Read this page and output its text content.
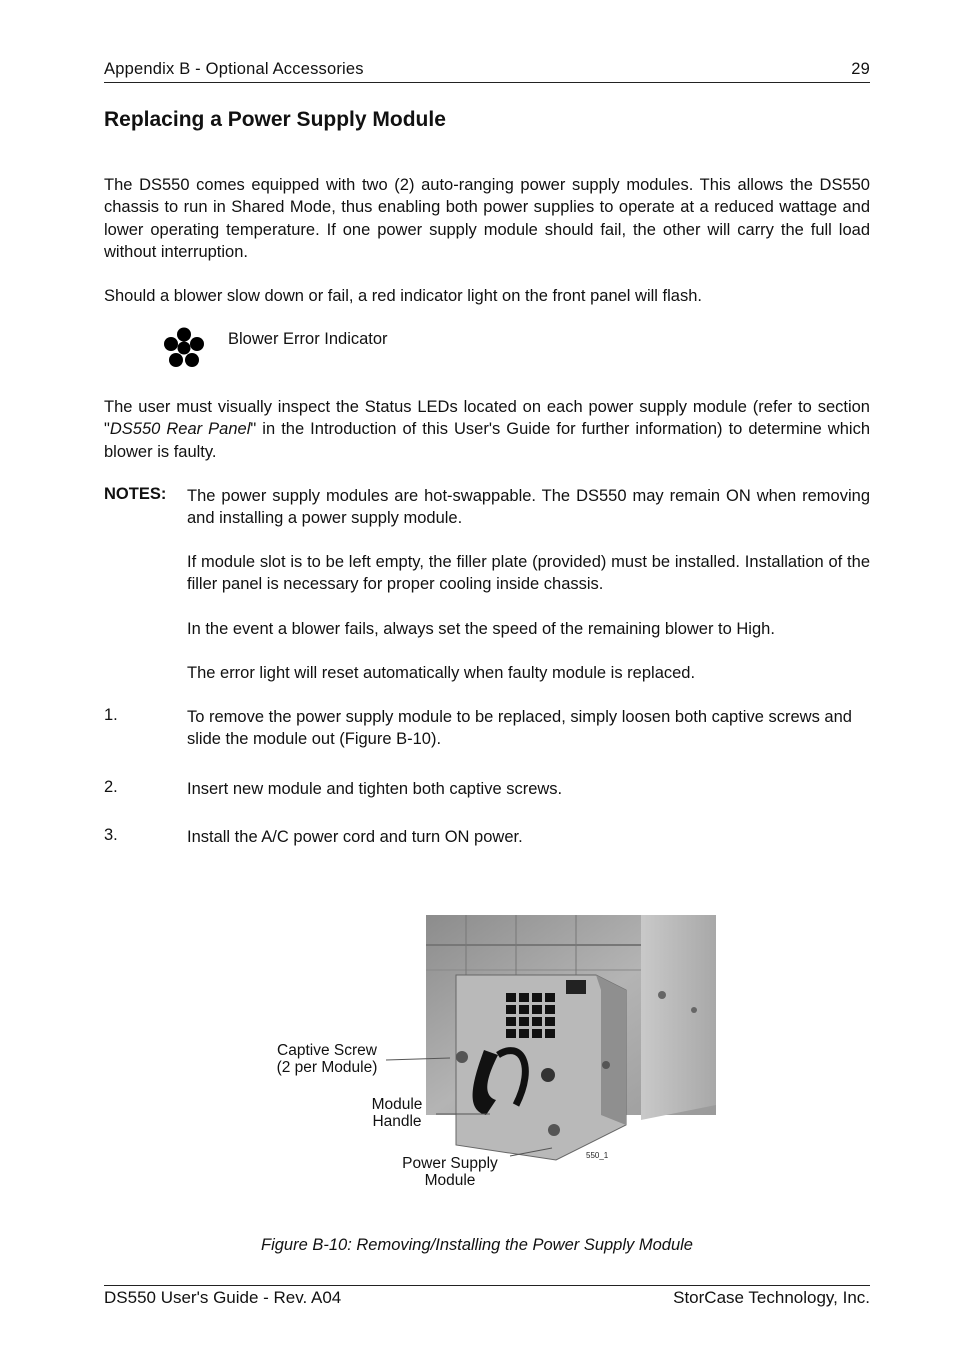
Appendix B - Optional Accessories	29
Replacing a Power Supply Module

The DS550 comes equipped with two (2) auto-ranging power supply modules. This allows the DS550 chassis to run in Shared Mode, thus enabling both power supplies to operate at a reduced wattage and lower operating temperature. If one power supply module should fail, the other will carry the full load without interruption.

Should a blower slow down or fail, a red indicator light on the front panel will flash.

Blower Error Indicator

The user must visually inspect the Status LEDs located on each power supply module (refer to section "DS550 Rear Panel" in the Introduction of this User's Guide for further information) to determine which blower is faulty.

NOTES: The power supply modules are hot-swappable. The DS550 may remain ON when removing and installing a power supply module.

If module slot is to be left empty, the filler plate (provided) must be installed. Installation of the filler panel is necessary for proper cooling inside chassis.

In the event a blower fails, always set the speed of the remaining blower to High.

The error light will reset automatically when faulty module is replaced.

1.	To remove the power supply module to be replaced, simply loosen both captive screws and slide the module out (Figure B-10).

2.	Insert new module and tighten both captive screws.

3.	Install the A/C power cord and turn ON power.

550_1
Captive Screw
(2 per Module)
Module
Handle
Power Supply
Module
Figure B-10: Removing/Installing the Power Supply Module
DS550 User's Guide - Rev. A04	StorCase Technology, Inc.
